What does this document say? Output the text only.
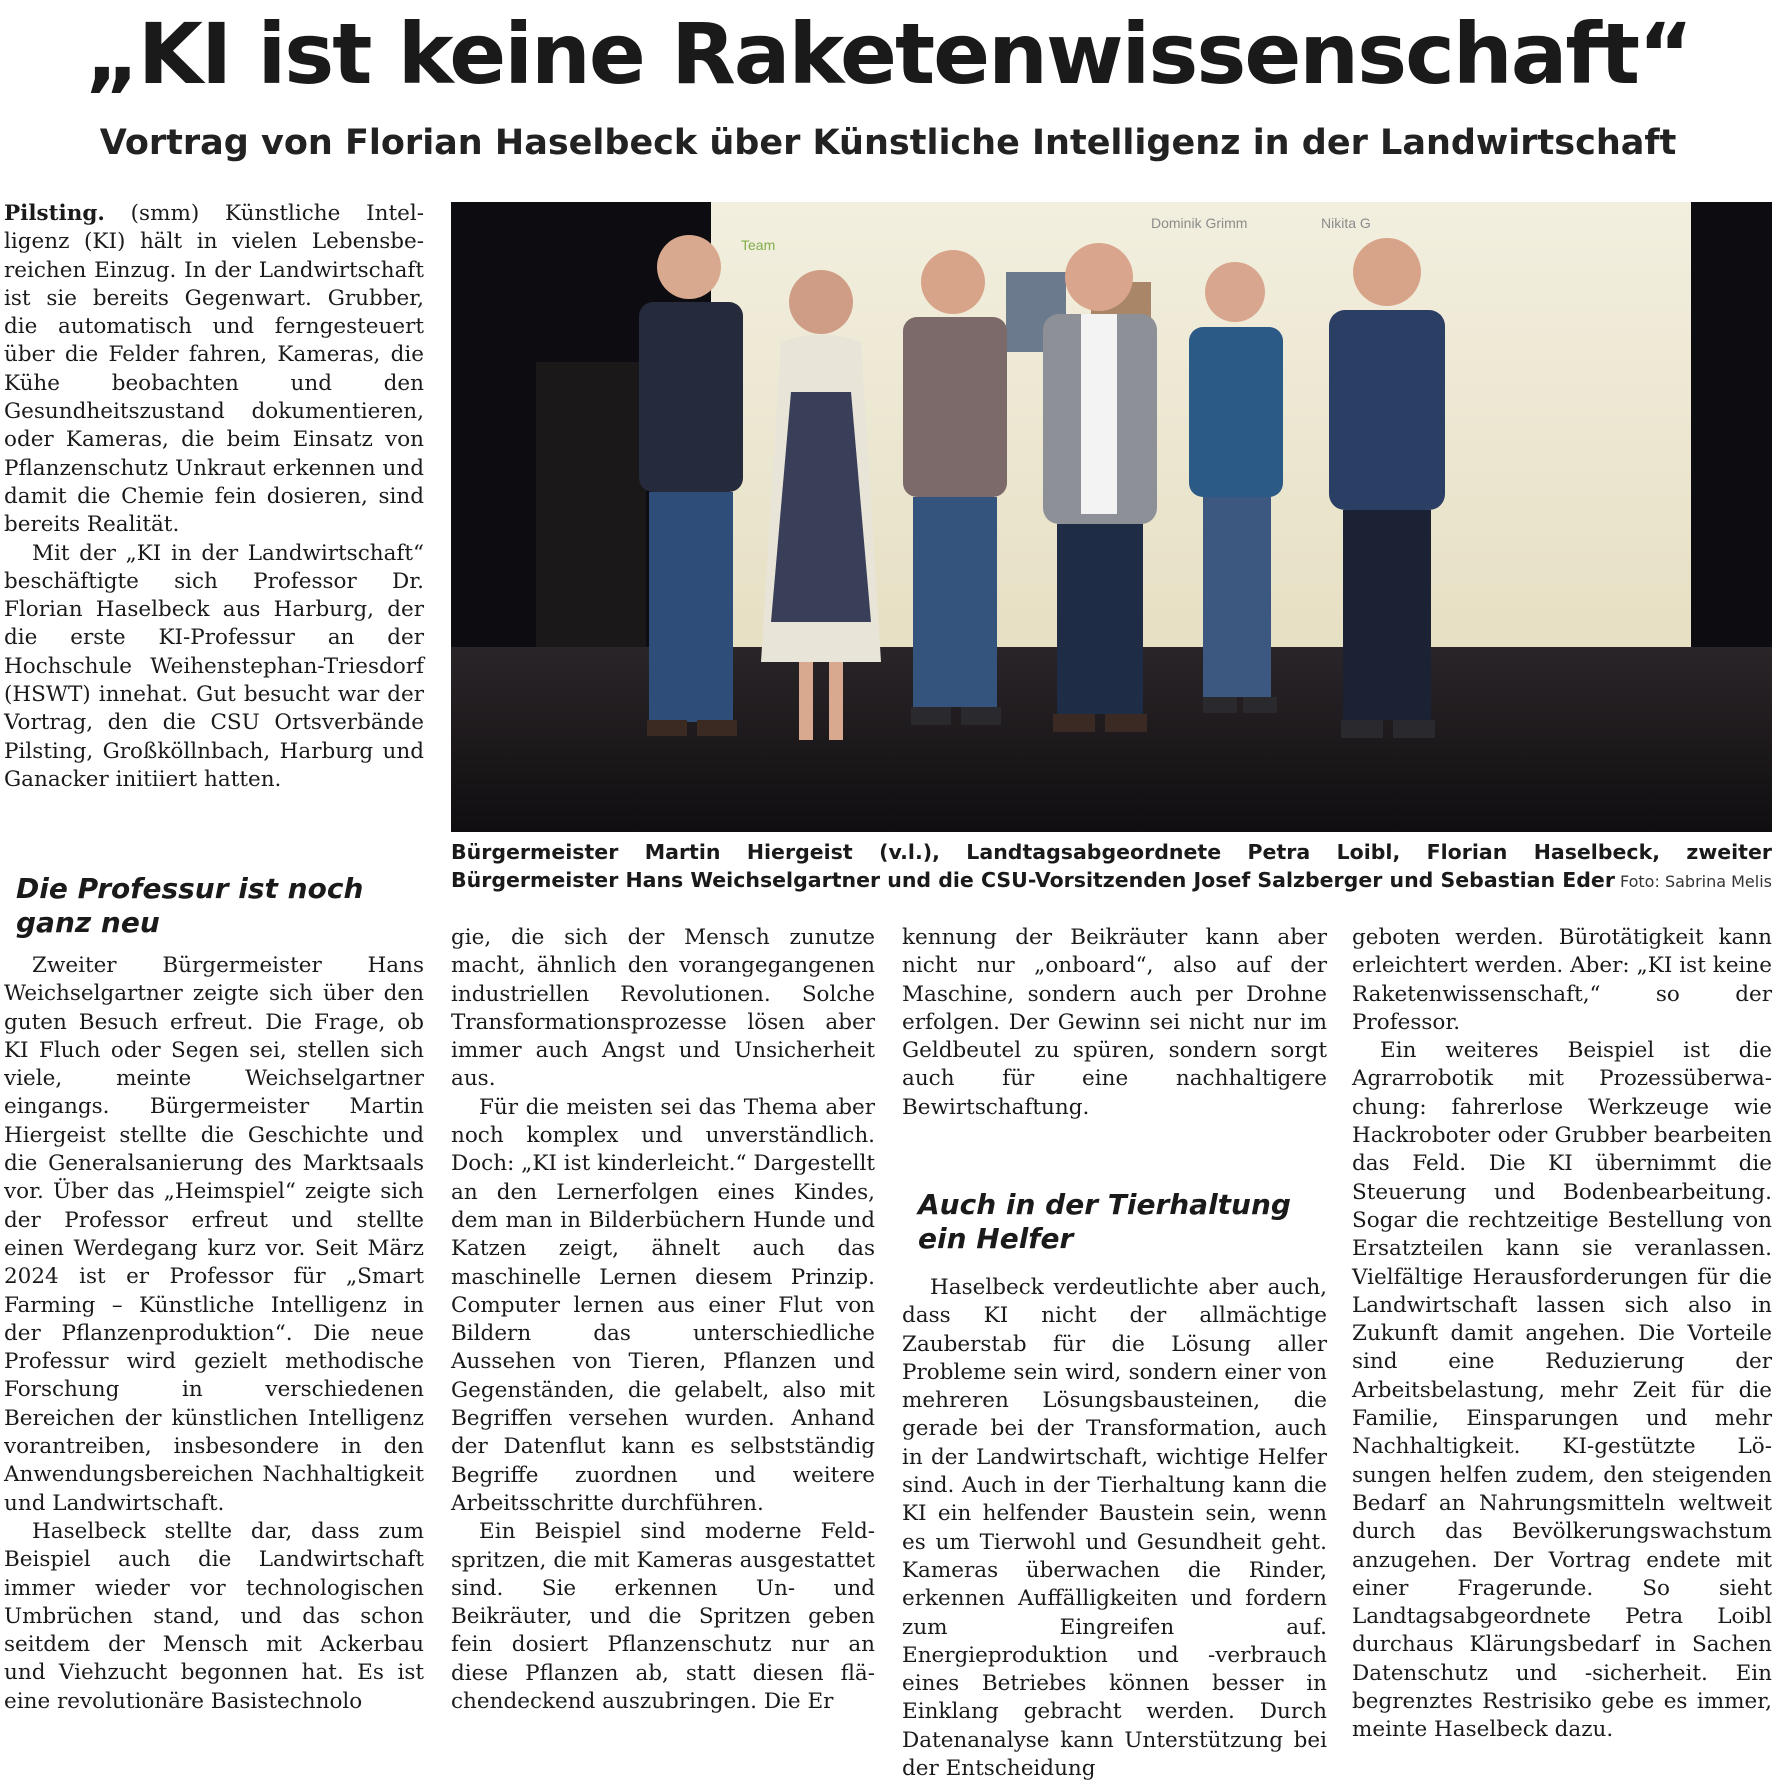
„KI ist keine Raketenwissenschaft“
Vortrag von Florian Haselbeck über Künstliche Intelligenz in der Landwirtschaft

Pilsting. (smm) Künstliche Intelligenz (KI) hält in vielen Lebensbereichen Einzug. In der Landwirtschaft ist sie bereits Gegenwart. Grubber, die automatisch und ferngesteuert über die Felder fahren, Kameras, die Kühe beobachten und den Gesundheitszustand dokumentieren, oder Kameras, die beim Einsatz von Pflanzenschutz Unkraut erkennen und damit die Chemie fein dosieren, sind bereits Realität.

Mit der „KI in der Landwirtschaft“ beschäftigte sich Professor Dr. Florian Haselbeck aus Harburg, der die erste KI-Professur an der Hochschule Weihenstephan-Triesdorf (HSWT) innehat. Gut besucht war der Vortrag, den die CSU Ortsverbände Pilsting, Großköllnbach, Harburg und Ganacker initiiert hatten.

Die Professur ist noch ganz neu

Zweiter Bürgermeister Hans Weichselgartner zeigte sich über den guten Besuch erfreut. Die Frage, ob KI Fluch oder Segen sei, stellen sich viele, meinte Weichselgartner eingangs. Bürgermeister Martin Hiergeist stellte die Geschichte und die Generalsanierung des Marktsaals vor. Über das „Heimspiel“ zeigte sich der Professor erfreut und stellte einen Werdegang kurz vor. Seit März 2024 ist er Professor für „Smart Farming – Künstliche Intelligenz in der Pflanzenproduktion“. Die neue Professur wird gezielt methodische Forschung in verschiedenen Bereichen der künstlichen Intelligenz vorantreiben, insbesondere in den Anwendungsbereichen Nachhaltigkeit und Landwirtschaft.

Haselbeck stellte dar, dass zum Beispiel auch die Landwirtschaft immer wieder vor technologischen Umbrüchen stand, und das schon seitdem der Mensch mit Ackerbau und Viehzucht begonnen hat. Es ist eine revolutionäre Basistechnolo

Team
Dominik Grimm	Nikita G

Bürgermeister Martin Hiergeist (v.l.), Landtagsabgeordnete Petra Loibl, Florian Haselbeck, zweiter Bürgermeister Hans Weichselgartner und die CSU-Vorsitzenden Josef Salzberger und Sebastian Eder Foto: Sabrina Melis

gie, die sich der Mensch zunutze macht, ähnlich den vorangegangenen industriellen Revolutionen. Solche Transformationsprozesse lösen aber immer auch Angst und Unsicherheit aus.

Für die meisten sei das Thema aber noch komplex und unverständlich. Doch: „KI ist kinderleicht.“ Dargestellt an den Lernerfolgen eines Kindes, dem man in Bilderbüchern Hunde und Katzen zeigt, ähnelt auch das maschinelle Lernen diesem Prinzip. Computer lernen aus einer Flut von Bildern das unterschiedliche Aussehen von Tieren, Pflanzen und Gegenständen, die gelabelt, also mit Begriffen versehen wurden. Anhand der Datenflut kann es selbstständig Begriffe zuordnen und weitere Arbeitsschritte durchführen.

Ein Beispiel sind moderne Feldspritzen, die mit Kameras ausgestattet sind. Sie erkennen Un- und Beikräuter, und die Spritzen geben fein dosiert Pflanzenschutz nur an diese Pflanzen ab, statt diesen flächendeckend auszubringen. Die Er

kennung der Beikräuter kann aber nicht nur „onboard“, also auf der Maschine, sondern auch per Drohne erfolgen. Der Gewinn sei nicht nur im Geldbeutel zu spüren, sondern sorgt auch für eine nachhaltigere Bewirtschaftung.

Auch in der Tierhaltung ein Helfer

Haselbeck verdeutlichte aber auch, dass KI nicht der allmächtige Zauberstab für die Lösung aller Probleme sein wird, sondern einer von mehreren Lösungsbausteinen, die gerade bei der Transformation, auch in der Landwirtschaft, wichtige Helfer sind. Auch in der Tierhaltung kann die KI ein helfender Baustein sein, wenn es um Tierwohl und Gesundheit geht. Kameras überwachen die Rinder, erkennen Auffälligkeiten und fordern zum Eingreifen auf. Energieproduktion und -verbrauch eines Betriebes können besser in Einklang gebracht werden. Durch Datenanalyse kann Unterstützung bei der Entscheidung

geboten werden. Bürotätigkeit kann erleichtert werden. Aber: „KI ist keine Raketenwissenschaft,“ so der Professor.

Ein weiteres Beispiel ist die Agrarrobotik mit Prozessüberwachung: fahrerlose Werkzeuge wie Hackroboter oder Grubber bearbeiten das Feld. Die KI übernimmt die Steuerung und Bodenbearbeitung. Sogar die rechtzeitige Bestellung von Ersatzteilen kann sie veranlassen. Vielfältige Herausforderungen für die Landwirtschaft lassen sich also in Zukunft damit angehen. Die Vorteile sind eine Reduzierung der Arbeitsbelastung, mehr Zeit für die Familie, Einsparungen und mehr Nachhaltigkeit. KI-gestützte Lösungen helfen zudem, den steigenden Bedarf an Nahrungsmitteln weltweit durch das Bevölkerungswachstum anzugehen. Der Vortrag endete mit einer Fragerunde. So sieht Landtagsabgeordnete Petra Loibl durchaus Klärungsbedarf in Sachen Datenschutz und -sicherheit. Ein begrenztes Restrisiko gebe es immer, meinte Haselbeck dazu.
